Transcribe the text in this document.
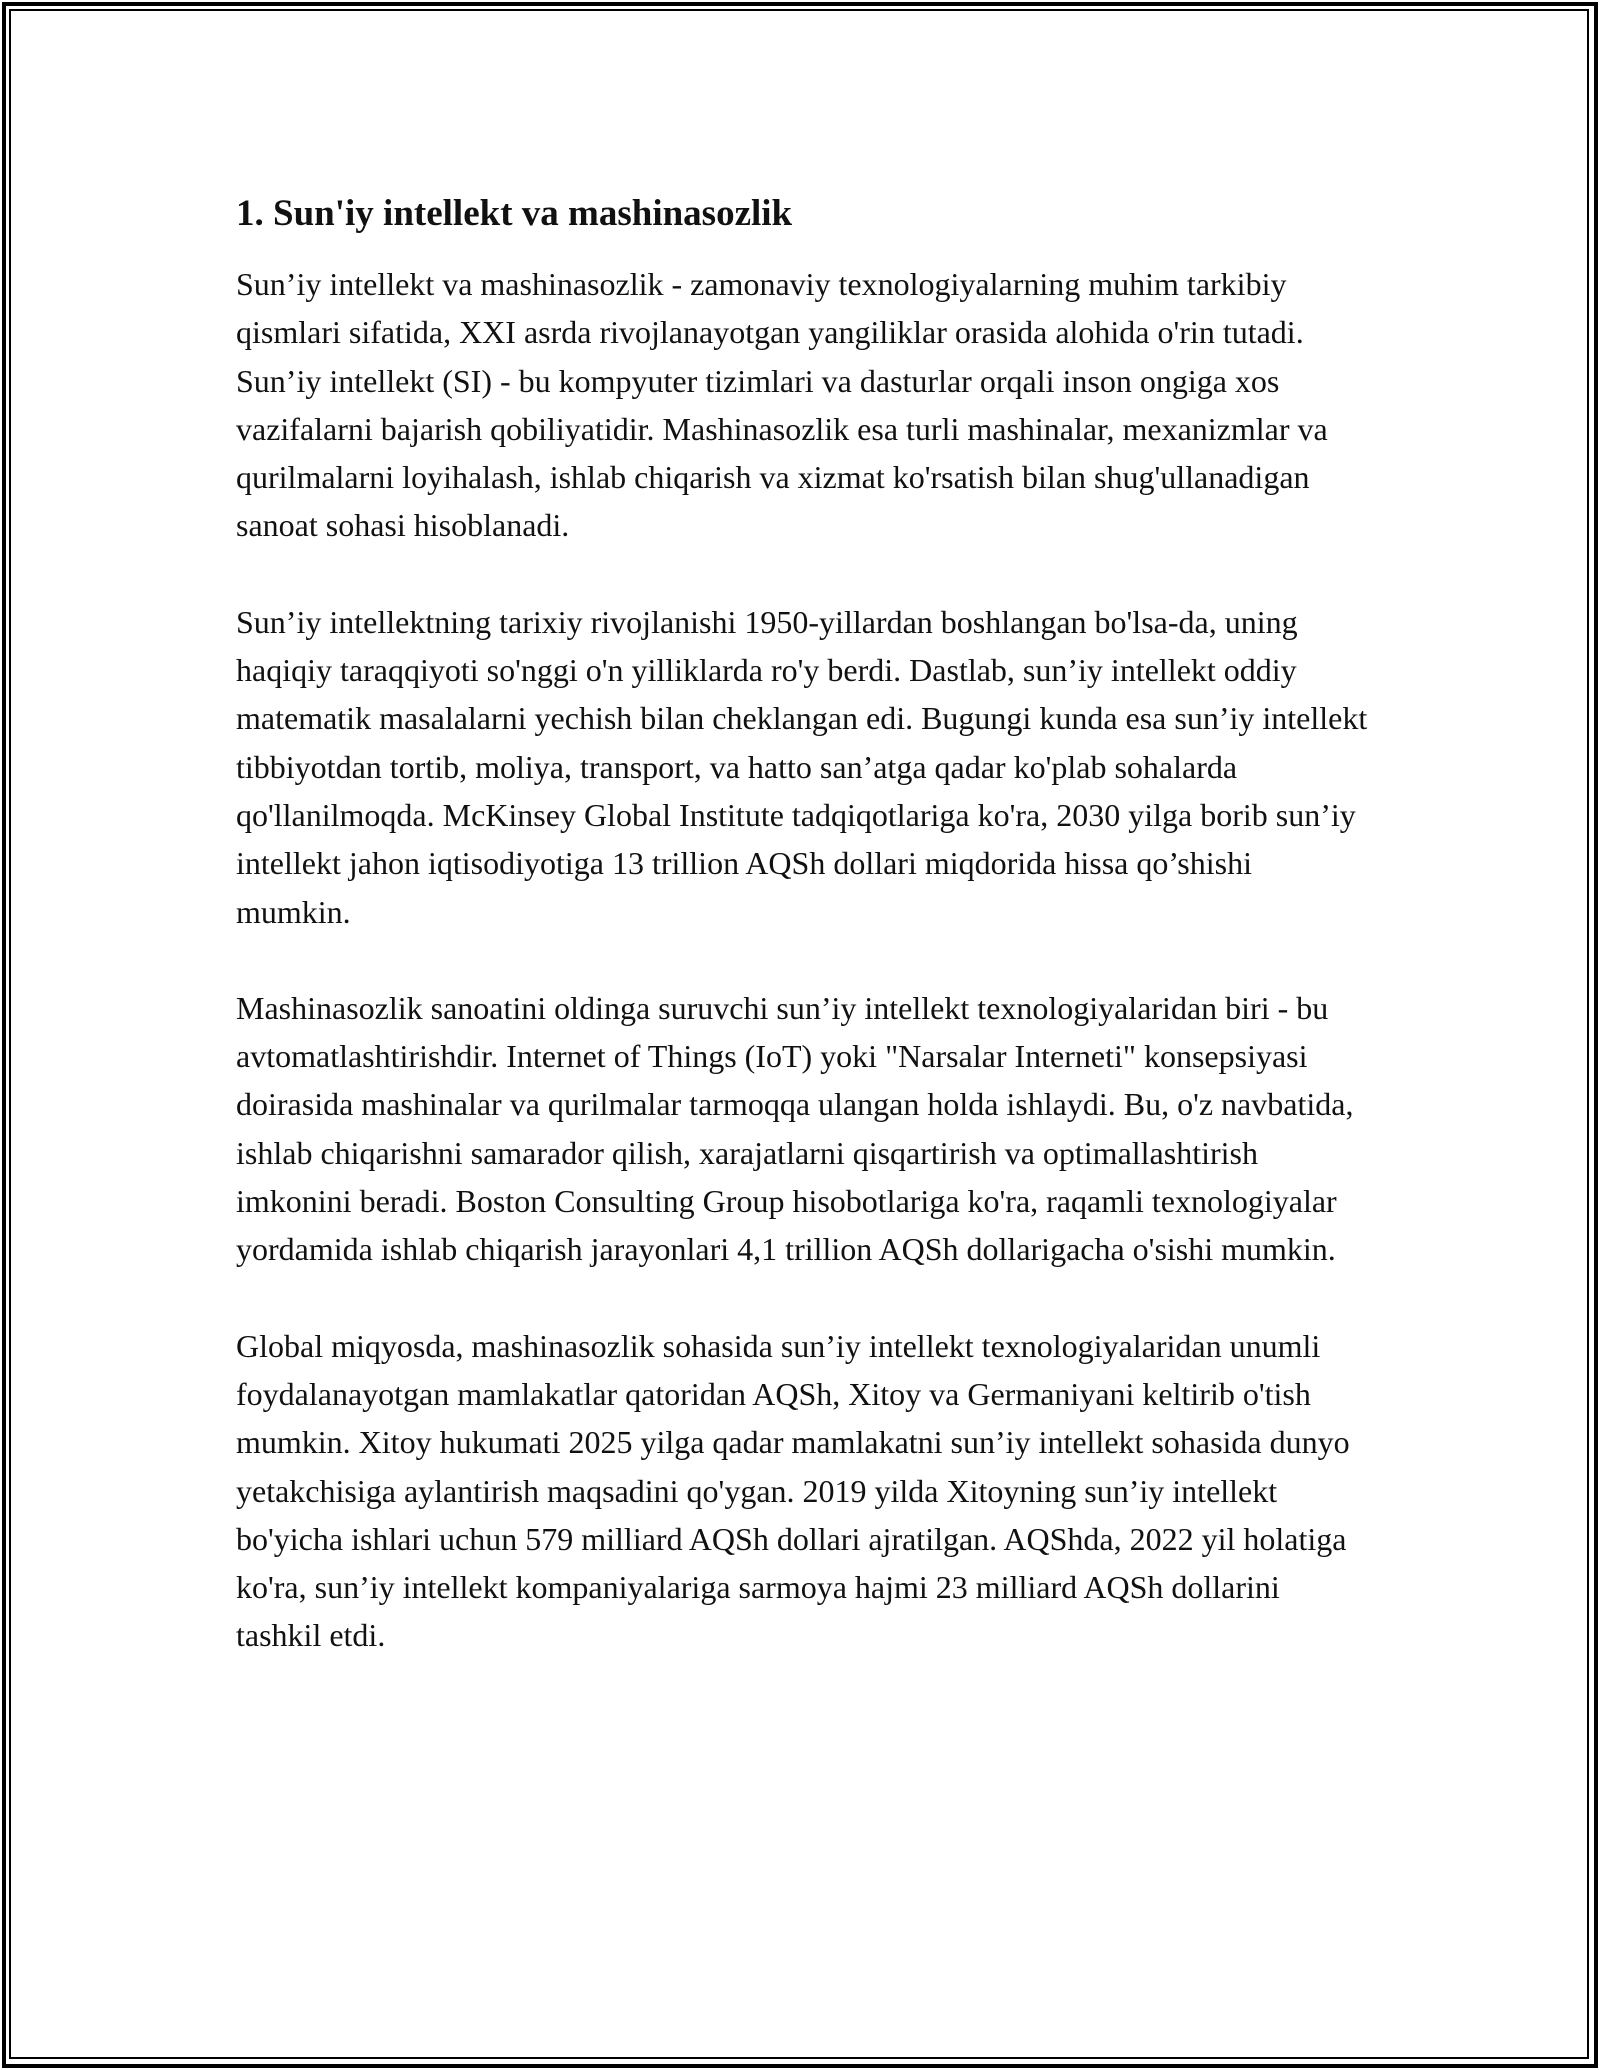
1. Sun'iy intellekt va mashinasozlik

Sun’iy intellekt va mashinasozlik - zamonaviy texnologiyalarning muhim tarkibiy qismlari sifatida, XXI asrda rivojlanayotgan yangiliklar orasida alohida o'rin tutadi. Sun’iy intellekt (SI) - bu kompyuter tizimlari va dasturlar orqali inson ongiga xos vazifalarni bajarish qobiliyatidir. Mashinasozlik esa turli mashinalar, mexanizmlar va qurilmalarni loyihalash, ishlab chiqarish va xizmat ko'rsatish bilan shug'ullanadigan sanoat sohasi hisoblanadi.

Sun’iy intellektning tarixiy rivojlanishi 1950-yillardan boshlangan bo'lsa-da, uning haqiqiy taraqqiyoti so'nggi o'n yilliklarda ro'y berdi. Dastlab, sun’iy intellekt oddiy matematik masalalarni yechish bilan cheklangan edi. Bugungi kunda esa sun’iy intellekt tibbiyotdan tortib, moliya, transport, va hatto san’atga qadar ko'plab sohalarda qo'llanilmoqda. McKinsey Global Institute tadqiqotlariga ko'ra, 2030 yilga borib sun’iy intellekt jahon iqtisodiyotiga 13 trillion AQSh dollari miqdorida hissa qo’shishi mumkin.

Mashinasozlik sanoatini oldinga suruvchi sun’iy intellekt texnologiyalaridan biri - bu avtomatlashtirishdir. Internet of Things (IoT) yoki "Narsalar Interneti" konsepsiyasi doirasida mashinalar va qurilmalar tarmoqqa ulangan holda ishlaydi. Bu, o'z navbatida, ishlab chiqarishni samarador qilish, xarajatlarni qisqartirish va optimallashtirish imkonini beradi. Boston Consulting Group hisobotlariga ko'ra, raqamli texnologiyalar yordamida ishlab chiqarish jarayonlari 4,1 trillion AQSh dollarigacha o'sishi mumkin.

Global miqyosda, mashinasozlik sohasida sun’iy intellekt texnologiyalaridan unumli foydalanayotgan mamlakatlar qatoridan AQSh, Xitoy va Germaniyani keltirib o'tish mumkin. Xitoy hukumati 2025 yilga qadar mamlakatni sun’iy intellekt sohasida dunyo yetakchisiga aylantirish maqsadini qo'ygan. 2019 yilda Xitoyning sun’iy intellekt bo'yicha ishlari uchun 579 milliard AQSh dollari ajratilgan. AQShda, 2022 yil holatiga ko'ra, sun’iy intellekt kompaniyalariga sarmoya hajmi 23 milliard AQSh dollarini tashkil etdi.
